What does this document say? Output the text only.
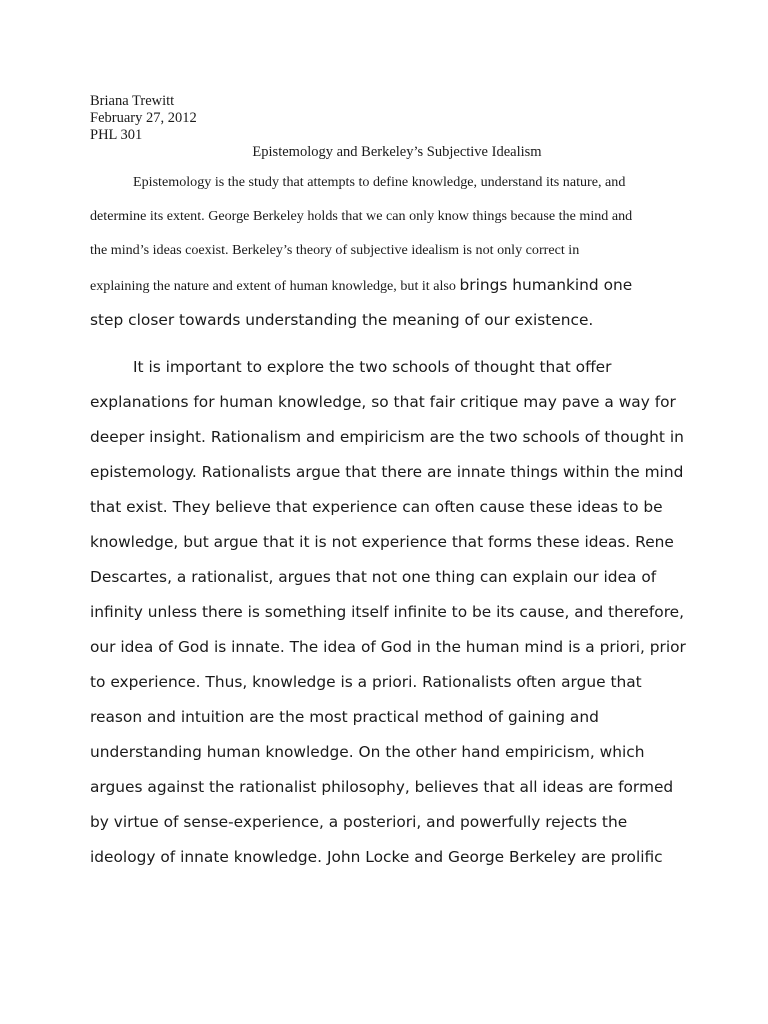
Briana Trewitt
February 27, 2012
PHL 301
Epistemology and Berkeley’s Subjective Idealism
Epistemology is the study that attempts to define knowledge, understand its nature, and
determine its extent. George Berkeley holds that we can only know things because the mind and
the mind’s ideas coexist. Berkeley’s theory of subjective idealism is not only correct in
explaining the nature and extent of human knowledge, but it also brings humankind one
step closer towards understanding the meaning of our existence.
It is important to explore the two schools of thought that offer
explanations for human knowledge, so that fair critique may pave a way for
deeper insight. Rationalism and empiricism are the two schools of thought in
epistemology. Rationalists argue that there are innate things within the mind
that exist. They believe that experience can often cause these ideas to be
knowledge, but argue that it is not experience that forms these ideas. Rene
Descartes, a rationalist, argues that not one thing can explain our idea of
infinity unless there is something itself infinite to be its cause, and therefore,
our idea of God is innate. The idea of God in the human mind is a priori, prior
to experience. Thus, knowledge is a priori. Rationalists often argue that
reason and intuition are the most practical method of gaining and
understanding human knowledge. On the other hand empiricism, which
argues against the rationalist philosophy, believes that all ideas are formed
by virtue of sense-experience, a posteriori, and powerfully rejects the
ideology of innate knowledge. John Locke and George Berkeley are prolific
